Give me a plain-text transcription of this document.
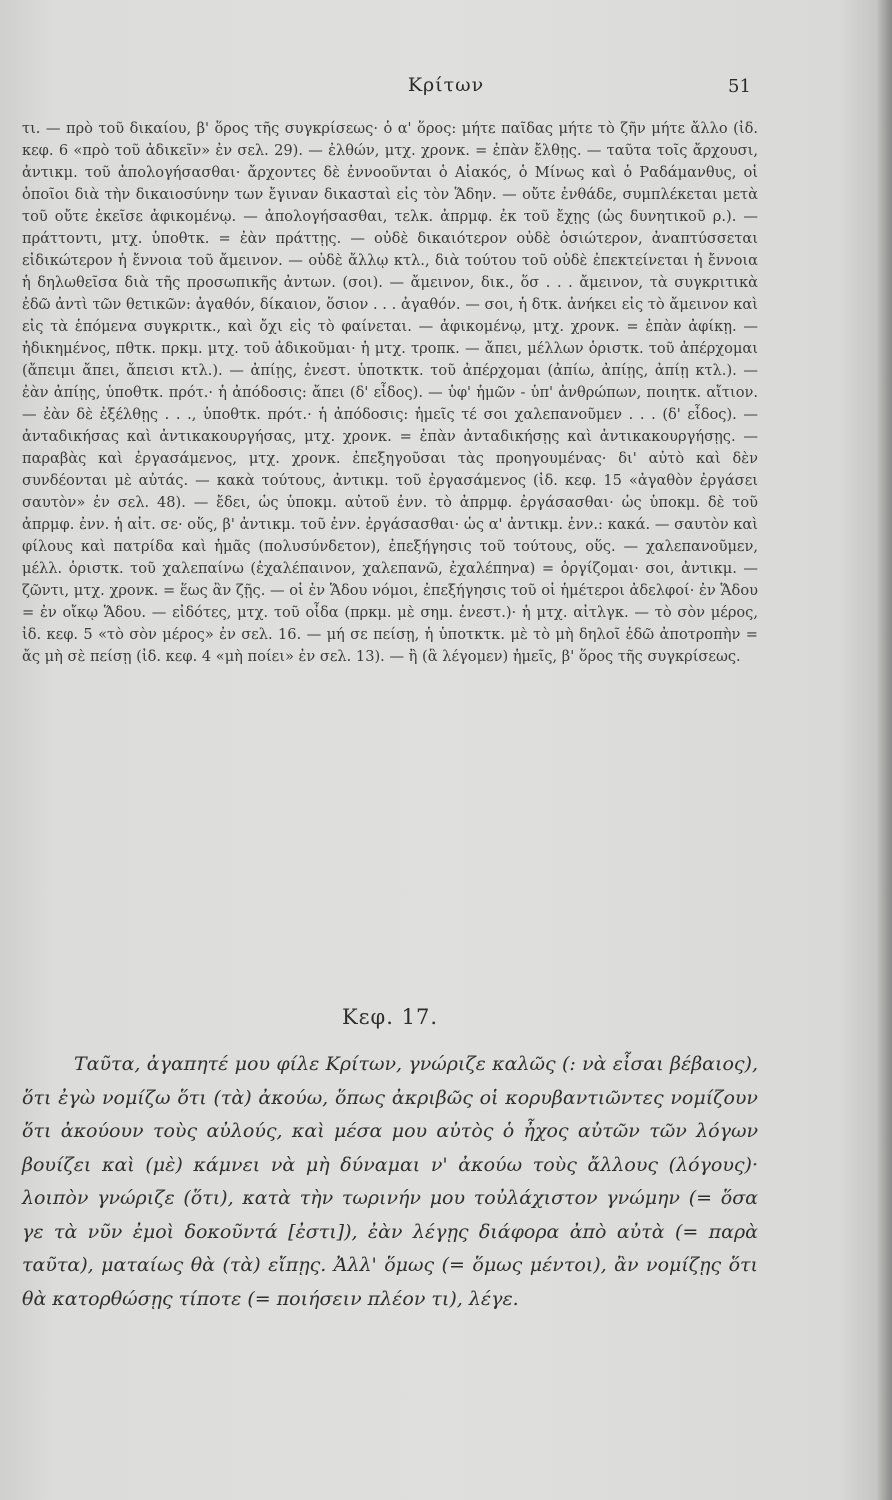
Κρίτων	51

τι. — πρὸ τοῦ δικαίου, β' ὅρος τῆς συγκρίσεως· ὁ α' ὅρος: μήτε παῖδας μήτε τὸ ζῆν μήτε ἄλλο (ἰδ. κεφ. 6 «πρὸ τοῦ ἀδικεῖν» ἐν σελ. 29). — ἐλθών, μτχ. χρονκ. = ἐπὰν ἔλθῃς. — ταῦτα τοῖς ἄρχουσι, ἀντικμ. τοῦ ἀπολογήσασθαι· ἄρχοντες δὲ ἐννοοῦνται ὁ Αἰακός, ὁ Μίνως καὶ ὁ Ραδάμανθυς, οἱ ὁποῖοι διὰ τὴν δικαιοσύνην των ἔγιναν δικασταὶ εἰς τὸν Ἅδην. — οὔτε ἐνθάδε, συμπλέκεται μετὰ τοῦ οὔτε ἐκεῖσε ἀφικομένῳ. — ἀπολογήσασθαι, τελκ. ἀπρμφ. ἐκ τοῦ ἔχῃς (ὡς δυνητικοῦ ρ.). — πράττοντι, μτχ. ὑποθτκ. = ἐὰν πράττῃς. — οὐδὲ δικαιότερον οὐδὲ ὁσιώτερον, ἀναπτύσσεται εἰδικώτερον ἡ ἔννοια τοῦ ἄμεινον. — οὐδὲ ἄλλῳ κτλ., διὰ τούτου τοῦ οὐδὲ ἐπεκτείνεται ἡ ἔννοια ἡ δηλωθεῖσα διὰ τῆς προσωπικῆς ἀντων. (σοι). — ἄμεινον, δικ., ὅσ . . . ἄμεινον, τὰ συγκριτικὰ ἐδῶ ἀντὶ τῶν θετικῶν: ἀγαθόν, δίκαιον, ὅσιον . . . ἀγαθόν. — σοι, ἡ δτκ. ἀνήκει εἰς τὸ ἄμεινον καὶ εἰς τὰ ἑπόμενα συγκριτκ., καὶ ὄχι εἰς τὸ φαίνεται. — ἀφικομένῳ, μτχ. χρονκ. = ἐπὰν ἀφίκῃ. — ἠδικημένος, πθτκ. πρκμ. μτχ. τοῦ ἀδικοῦμαι· ἡ μτχ. τροπκ. — ἄπει, μέλλων ὁριστκ. τοῦ ἀπέρχομαι (ἄπειμι ἄπει, ἄπεισι κτλ.). — ἀπίῃς, ἐνεστ. ὑποτκτκ. τοῦ ἀπέρχομαι (ἀπίω, ἀπίῃς, ἀπίῃ κτλ.). — ἐὰν ἀπίῃς, ὑποθτκ. πρότ.· ἡ ἀπόδοσις: ἄπει (δ' εἶδος). — ὑφ' ἡμῶν - ὑπ' ἀνθρώπων, ποιητκ. αἴτιον. — ἐὰν δὲ ἐξέλθῃς . . ., ὑποθτκ. πρότ.· ἡ ἀπόδοσις: ἡμεῖς τέ σοι χαλεπανοῦμεν . . . (δ' εἶδος). — ἀνταδικήσας καὶ ἀντικακουργήσας, μτχ. χρονκ. = ἐπὰν ἀνταδικήσῃς καὶ ἀντικακουργήσῃς. — παραβὰς καὶ ἐργασάμενος, μτχ. χρονκ. ἐπεξηγοῦσαι τὰς προηγουμένας· δι' αὐτὸ καὶ δὲν συνδέονται μὲ αὐτάς. — κακὰ τούτους, ἀντικμ. τοῦ ἐργασάμενος (ἰδ. κεφ. 15 «ἀγαθὸν ἐργάσει σαυτὸν» ἐν σελ. 48). — ἔδει, ὡς ὑποκμ. αὐτοῦ ἐνν. τὸ ἀπρμφ. ἐργάσασθαι· ὡς ὑποκμ. δὲ τοῦ ἀπρμφ. ἐνν. ἡ αἰτ. σε· οὕς, β' ἀντικμ. τοῦ ἐνν. ἐργάσασθαι· ὡς α' ἀντικμ. ἐνν.: κακά. — σαυτὸν καὶ φίλους καὶ πατρίδα καὶ ἡμᾶς (πολυσύνδετον), ἐπεξήγησις τοῦ τούτους, οὕς. — χαλεπανοῦμεν, μέλλ. ὁριστκ. τοῦ χαλεπαίνω (ἐχαλέπαινον, χαλεπανῶ, ἐχαλέπηνα) = ὀργίζομαι· σοι, ἀντικμ. — ζῶντι, μτχ. χρονκ. = ἕως ἂν ζῇς. — οἱ ἐν Ἅδου νόμοι, ἐπεξήγησις τοῦ οἱ ἡμέτεροι ἀδελφοί· ἐν Ἅδου = ἐν οἴκῳ Ἅδου. — εἰδότες, μτχ. τοῦ οἶδα (πρκμ. μὲ σημ. ἐνεστ.)· ἡ μτχ. αἰτλγκ. — τὸ σὸν μέρος, ἰδ. κεφ. 5 «τὸ σὸν μέρος» ἐν σελ. 16. — μή σε πείσῃ, ἡ ὑποτκτκ. μὲ τὸ μὴ δηλοῖ ἐδῶ ἀποτροπὴν = ἄς μὴ σὲ πείσῃ (ἰδ. κεφ. 4 «μὴ ποίει» ἐν σελ. 13). — ἢ (ἃ λέγομεν) ἡμεῖς, β' ὅρος τῆς συγκρίσεως.

Κεφ. 17.

Ταῦτα, ἀγαπητέ μου φίλε Κρίτων, γνώριζε καλῶς (: νὰ εἶσαι βέβαιος), ὅτι ἐγὼ νομίζω ὅτι (τὰ) ἀκούω, ὅπως ἀκριβῶς οἱ κορυβαντιῶντες νομίζουν ὅτι ἀκούουν τοὺς αὐλούς, καὶ μέσα μου αὐτὸς ὁ ἦχος αὐτῶν τῶν λόγων βουίζει καὶ (μὲ) κάμνει νὰ μὴ δύναμαι ν' ἀκούω τοὺς ἄλλους (λόγους)· λοιπὸν γνώριζε (ὅτι), κατὰ τὴν τωρινήν μου τοὐλάχιστον γνώμην (= ὅσα γε τὰ νῦν ἐμοὶ δοκοῦντά [ἐστι]), ἐὰν λέγῃς διάφορα ἀπὸ αὐτὰ (= παρὰ ταῦτα), ματαίως θὰ (τὰ) εἴπῃς. Ἀλλ' ὅμως (= ὅμως μέντοι), ἂν νομίζῃς ὅτι θὰ κατορθώσῃς τίποτε (= ποιήσειν πλέον τι), λέγε.
